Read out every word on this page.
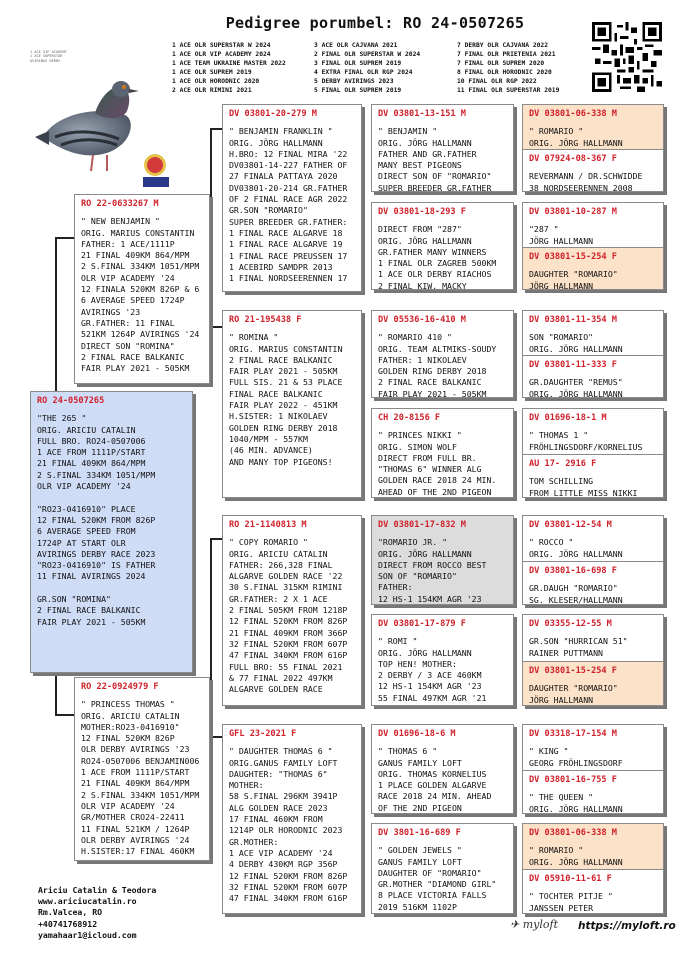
Pedigree porumbel: RO 24-0507265
1 ACE OLR SUPERSTAR W 2024	3 ACE OLR CAJVANA 2021	7 DERBY OLR CAJVANA 2022
1 ACE OLR VIP ACADEMY 2024	2 FINAL OLR SUPERSTAR W 2024	7 FINAL OLR PRIETENIA 2021
1 ACE TEAM UKRAINE MASTER 2022	3 FINAL OLR SUPREM 2019	7 FINAL OLR SUPREM 2020
1 ACE OLR SUPREM 2019	4 EXTRA FINAL OLR RGP 2024	8 FINAL OLR HORODNIC 2020
1 ACE OLR HORODNIC 2020	5 DERBY AVIRINGS 2023	10 FINAL OLR RGP 2022
2 ACE OLR RIMINI 2021	5 FINAL OLR SUPREM 2019	11 FINAL OLR SUPERSTAR 2019
1 ACE VIP ACADEMY
1 ACE SUPERSTAR
AVIRINGS DERBY
RO 24-0507265
"THE 265 "
ORIG. ARICIU CATALIN
FULL BRO. RO24-0507006
1 ACE FROM 1111P/START
21 FINAL 409KM 864/MPM
2 S.FINAL 334KM 1051/MPM
OLR VIP ACADEMY '24

"RO23-0416910" PLACE
12 FINAL 520KM FROM 826P
6 AVERAGE SPEED FROM
1724P AT START OLR
AVIRINGS DERBY RACE 2023
"RO23-0416910" IS FATHER
11 FINAL AVIRINGS 2024

GR.SON "ROMINA"
2 FINAL RACE BALKANIC
FAIR PLAY 2021 - 505KM
RO 22-0633267 M
" NEW BENJAMIN "
ORIG. MARIUS CONSTANTIN
FATHER: 1 ACE/1111P
21 FINAL 409KM 864/MPM
2 S.FINAL 334KM 1051/MPM
OLR VIP ACADEMY '24
12 FINALA 520KM 826P & 6
6 AVERAGE SPEED 1724P
AVIRINGS '23
GR.FATHER: 11 FINAL
521KM 1264P AVIRINGS '24
DIRECT SON "ROMINA"
2 FINAL RACE BALKANIC
FAIR PLAY 2021 - 505KM
RO 22-0924979 F
" PRINCESS THOMAS "
ORIG. ARICIU CATALIN
MOTHER:RO23-0416910"
12 FINAL 520KM 826P
OLR DERBY AVIRINGS '23
RO24-0507006 BENJAMIN006
1 ACE FROM 1111P/START
21 FINAL 409KM 864/MPM
2 S.FINAL 334KM 1051/MPM
OLR VIP ACADEMY '24
GR/MOTHER CRO24-22411
11 FINAL 521KM / 1264P
OLR DERBY AVIRINGS '24
H.SISTER:17 FINAL 460KM
DV 03801-20-279 M
" BENJAMIN FRANKLIN "
ORIG. JÖRG HALLMANN
H.BRO: 12 FINAL MIRA '22
DV03801-14-227 FATHER OF
27 FINALA PATTAYA 2020
DV03801-20-214 GR.FATHER
OF 2 FINAL RACE AGR 2022
GR.SON "ROMARIO"
SUPER BREEDER GR.FATHER:
1 FINAL RACE ALGARVE 18
1 FINAL RACE ALGARVE 19
1 FINAL RACE PREUSSEN 17
1 ACEBIRD SAMDPR 2013
1 FINAL NORDSEERENNEN 17
RO 21-195438 F
" ROMINA "
ORIG. MARIUS CONSTANTIN
2 FINAL RACE BALKANIC
FAIR PLAY 2021 - 505KM
FULL SIS. 21 & 53 PLACE
FINAL RACE BALKANIC
FAIR PLAY 2022 - 451KM
H.SISTER: 1 NIKOLAEV
GOLDEN RING DERBY 2018
1040/MPM - 557KM
(46 MIN. ADVANCE)
AND MANY TOP PIGEONS!
RO 21-1140813 M
" COPY ROMARIO "
ORIG. ARICIU CATALIN
FATHER: 266,328 FINAL
ALGARVE GOLDEN RACE '22
30 S.FINAL 315KM RIMINI
GR.FATHER: 2 X 1 ACE
2 FINAL 505KM FROM 1218P
12 FINAL 520KM FROM 826P
21 FINAL 409KM FROM 366P
32 FINAL 520KM FROM 607P
47 FINAL 340KM FROM 616P
FULL BRO: 55 FINAL 2021
& 77 FINAL 2022 497KM
ALGARVE GOLDEN RACE
GFL 23-2021 F
" DAUGHTER THOMAS 6 "
ORIG.GANUS FAMILY LOFT
DAUGHTER: "THOMAS 6"
MOTHER:
58 S.FINAL 296KM 3941P
ALG GOLDEN RACE 2023
17 FINAL 460KM FROM
1214P OLR HORODNIC 2023
GR.MOTHER:
1 ACE VIP ACADEMY '24
4 DERBY 430KM RGP 356P
12 FINAL 520KM FROM 826P
32 FINAL 520KM FROM 607P
47 FINAL 340KM FROM 616P
DV 03801-13-151 M
" BENJAMIN "
ORIG. JÖRG HALLMANN
FATHER AND GR.FATHER
MANY BEST PIGEONS
DIRECT SON OF "ROMARIO"
SUPER BREEDER GR.FATHER
DV 03801-18-293 F
DIRECT FROM "287"
ORIG. JÖRG HALLMANN
GR.FATHER MANY WINNERS
1 FINAL OLR ZAGREB 500KM
1 ACE OLR DERBY RIACHOS
2 FINAL KIW. MACKY
DV 05536-16-410 M
" ROMARIO 410 "
ORIG. TEAM ALTMIKS-SOUDY
FATHER: 1 NIKOLAEV
GOLDEN RING DERBY 2018
2 FINAL RACE BALKANIC
FAIR PLAY 2021 - 505KM
CH 20-8156 F
" PRINCES NIKKI "
ORIG. SIMON WOLF
DIRECT FROM FULL BR.
"THOMAS 6" WINNER ALG
GOLDEN RACE 2018 24 MIN.
AHEAD OF THE 2ND PIGEON
DV 03801-17-832 M
"ROMARIO JR. "
ORIG. JÖRG HALLMANN
DIRECT FROM ROCCO BEST
SON OF "ROMARIO"
FATHER:
12 HS-1 154KM AGR '23
DV 03801-17-879 F
" ROMI "
ORIG. JÖRG HALLMANN
TOP HEN! MOTHER:
2 DERBY / 3 ACE 460KM
12 HS-1 154KM AGR '23
55 FINAL 497KM AGR '21
DV 01696-18-6 M
" THOMAS 6 "
GANUS FAMILY LOFT
ORIG. THOMAS KORNELIUS
1 PLACE GOLDEN ALGARVE
RACE 2018 24 MIN. AHEAD
OF THE 2ND PIGEON
DV 3801-16-689 F
" GOLDEN JEWELS "
GANUS FAMILY LOFT
DAUGHTER OF "ROMARIO"
GR.MOTHER "DIAMOND GIRL"
8 PLACE VICTORIA FALLS
2019 516KM 1102P
DV 03801-06-338 M
" ROMARIO "
ORIG. JÖRG HALLMANN
DV 07924-08-367 F
REVERMANN / DR.SCHWIDDE
38 NORDSEERENNEN 2008
DV 03801-10-287 M
"287 "
JÖRG HALLMANN
DV 03801-15-254 F
DAUGHTER "ROMARIO"
JÖRG HALLMANN
DV 03801-11-354 M
SON "ROMARIO"
ORIG. JÖRG HALLMANN
DV 03801-11-333 F
GR.DAUGHTER "REMUS"
ORIG. JÖRG HALLMANN
DV 01696-18-1 M
" THOMAS 1 "
FRÖHLINGSDORF/KORNELIUS
AU 17- 2916 F
TOM SCHILLING
FROM LITTLE MISS NIKKI
DV 03801-12-54 M
" ROCCO "
ORIG. JÖRG HALLMANN
DV 03801-16-698 F
GR.DAUGH "ROMARIO"
SG. KLESER/HALLMANN
DV 03355-12-55 M
GR.SON "HURRICAN 51"
RAINER PUTTMANN
DV 03801-15-254 F
DAUGHTER "ROMARIO"
JÖRG HALLMANN
DV 03318-17-154 M
" KING "
GEORG FRÖHLINGSDORF
DV 03801-16-755 F
" THE QUEEN "
ORIG. JÖRG HALLMANN
DV 03801-06-338 M
" ROMARIO "
ORIG. JÖRG HALLMANN
DV 05910-11-61 F
" TOCHTER PITJE "
JANSSEN PETER
Ariciu Catalin & Teodora
www.ariciucatalin.ro
Rm.Valcea, RO
+40741768912
yamahaar1@icloud.com
✈ myloft https://myloft.ro
